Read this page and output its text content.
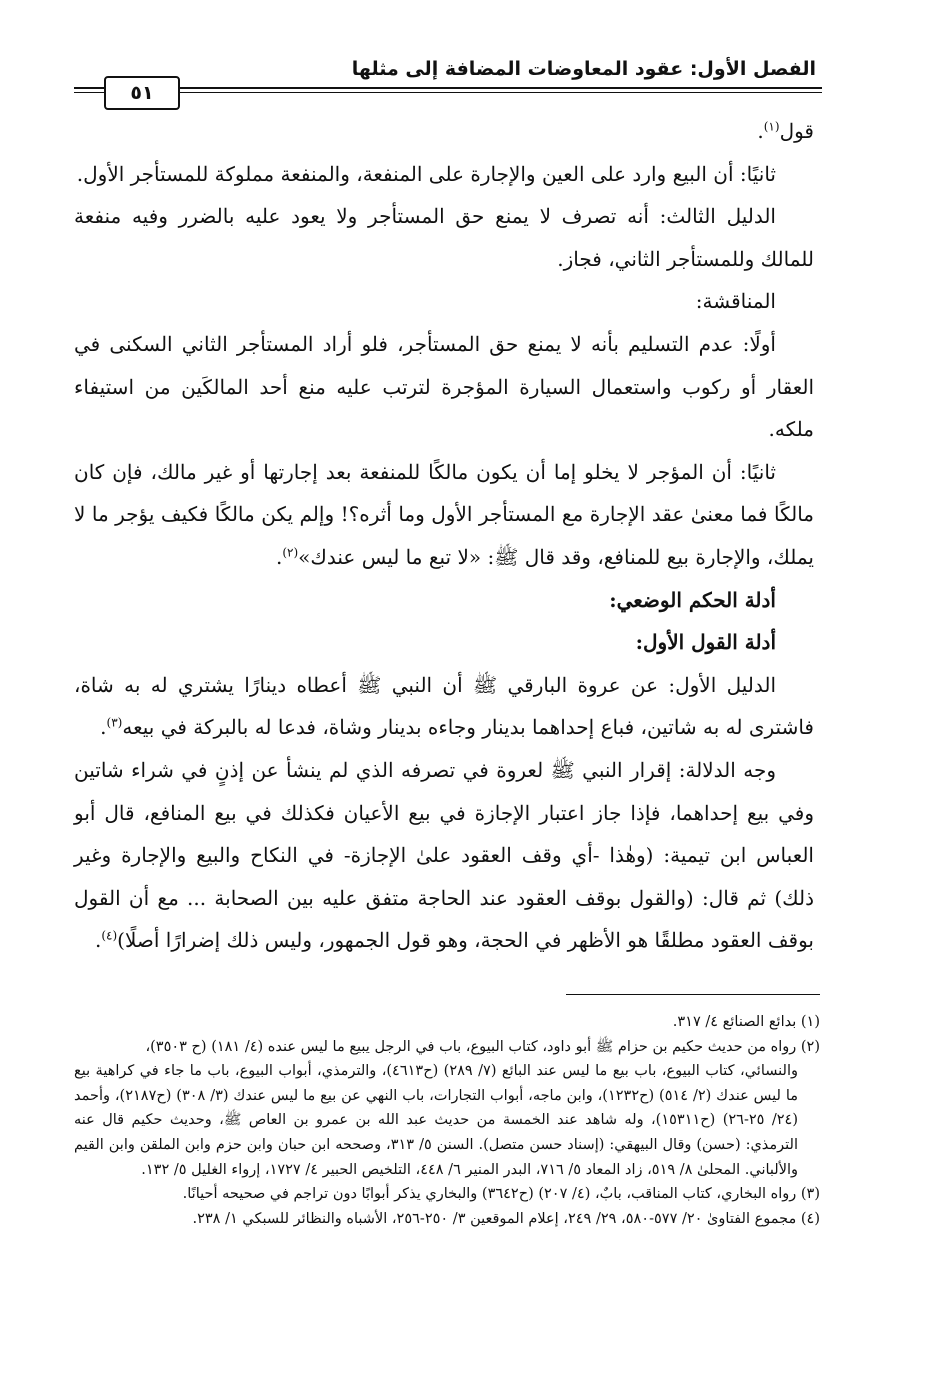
الفصل الأول: عقود المعاوضات المضافة إلى مثلها
٥١

قول$^{(١)}$.

ثانيًا: أن البيع وارد على العين والإجارة على المنفعة، والمنفعة مملوكة للمستأجر الأول.

الدليل الثالث: أنه تصرف لا يمنع حق المستأجر ولا يعود عليه بالضرر وفيه منفعة للمالك وللمستأجر الثاني، فجاز.

المناقشة:

أولًا: عدم التسليم بأنه لا يمنع حق المستأجر، فلو أراد المستأجر الثاني السكنى في العقار أو ركوب واستعمال السيارة المؤجرة لترتب عليه منع أحد المالكَين من استيفاء ملكه.

ثانيًا: أن المؤجر لا يخلو إما أن يكون مالكًا للمنفعة بعد إجارتها أو غير مالك، فإن كان مالكًا فما معنىٰ عقد الإجارة مع المستأجر الأول وما أثره؟! وإلم يكن مالكًا فكيف يؤجر ما لا يملك، والإجارة بيع للمنافع، وقد قال ﷺ: «لا تبع ما ليس عندك»$^{(٢)}$.

أدلة الحكم الوضعي:

أدلة القول الأول:

الدليل الأول: عن عروة البارقي ﷺ أن النبي ﷺ أعطاه دينارًا يشتري له به شاة، فاشترى له به شاتين، فباع إحداهما بدينار وجاءه بدينار وشاة، فدعا له بالبركة في بيعه$^{(٣)}$.

وجه الدلالة: إقرار النبي ﷺ لعروة في تصرفه الذي لم ينشأ عن إذنٍ في شراء شاتين وفي بيع إحداهما، فإذا جاز اعتبار الإجازة في بيع الأعيان فكذلك في بيع المنافع، قال أبو العباس ابن تيمية: (وهٰذا -أي وقف العقود علىٰ الإجازة- في النكاح والبيع والإجارة وغير ذلك) ثم قال: (والقول بوقف العقود عند الحاجة متفق عليه بين الصحابة ... مع أن القول بوقف العقود مطلقًا هو الأظهر في الحجة، وهو قول الجمهور، وليس ذلك إضرارًا أصلًا)$^{(٤)}$.

(١) بدائع الصنائع ٤/ ٣١٧.

(٢) رواه من حديث حكيم بن حزام ﷺ أبو داود، كتاب البيوع، باب في الرجل يبيع ما ليس عنده (٤/ ١٨١) (ح ٣٥٠٣)،

والنسائي، كتاب البيوع، باب بيع ما ليس عند البائع (٧/ ٢٨٩) (ح٤٦١٣)، والترمذي، أبواب البيوع، باب ما جاء في كراهية بيع ما ليس عندك (٢/ ٥١٤) (ح١٢٣٢)، وابن ماجه، أبواب التجارات، باب النهي عن بيع ما ليس عندك (٣/ ٣٠٨) (ح٢١٨٧)، وأحمد (٢٤/ ٢٥-٢٦) (ح١٥٣١١)، وله شاهد عند الخمسة من حديث عبد الله بن عمرو بن العاص ﷺ، وحديث حكيم قال عنه الترمذي: (حسن) وقال البيهقي: (إسناد حسن متصل). السنن ٥/ ٣١٣، وصححه ابن حبان وابن حزم وابن الملقن وابن القيم والألباني. المحلىٰ ٨/ ٥١٩، زاد المعاد ٥/ ٧١٦، البدر المنير ٦/ ٤٤٨، التلخيص الحبير ٤/ ١٧٢٧، إرواء الغليل ٥/ ١٣٢.

(٣) رواه البخاري، كتاب المناقب، بابٌ، (٤/ ٢٠٧) (ح٣٦٤٢) والبخاري يذكر أبوابًا دون تراجم في صحيحه أحيانًا.

(٤) مجموع الفتاوىٰ ٢٠/ ٥٧٧-٥٨٠، ٢٩/ ٢٤٩، إعلام الموقعين ٣/ ٢٥٠-٢٥٦، الأشباه والنظائر للسبكي ١/ ٢٣٨.
